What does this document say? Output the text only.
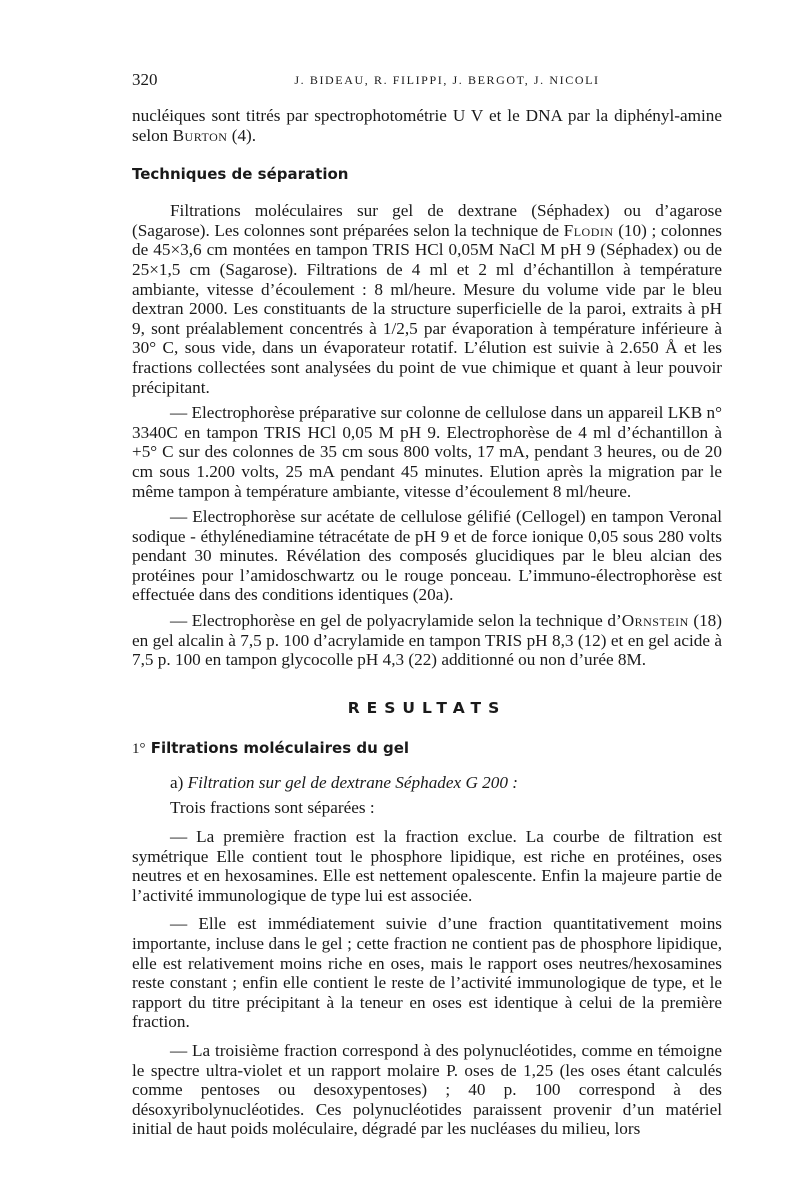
320	J. BIDEAU, R. FILIPPI, J. BERGOT, J. NICOLI

nucléiques sont titrés par spectrophotométrie U V et le DNA par la diphényl-amine selon Burton (4).

Techniques de séparation

Filtrations moléculaires sur gel de dextrane (Séphadex) ou d’agarose (Sagarose). Les colonnes sont préparées selon la technique de Flodin (10) ; colonnes de 45×3,6 cm montées en tampon TRIS HCl 0,05M NaCl M pH 9 (Séphadex) ou de 25×1,5 cm (Sagarose). Filtrations de 4 ml et 2 ml d’échantillon à température ambiante, vitesse d’écoulement : 8 ml/heure. Mesure du volume vide par le bleu dextran 2000. Les constituants de la structure superficielle de la paroi, extraits à pH 9, sont préalablement concentrés à 1/2,5 par évaporation à température inférieure à 30° C, sous vide, dans un évaporateur rotatif. L’élution est suivie à 2.650 Å et les fractions collectées sont analysées du point de vue chimique et quant à leur pouvoir précipitant.

— Electrophorèse préparative sur colonne de cellulose dans un appareil LKB n° 3340C en tampon TRIS HCl 0,05 M pH 9. Electrophorèse de 4 ml d’échantillon à +5° C sur des colonnes de 35 cm sous 800 volts, 17 mA, pendant 3 heures, ou de 20 cm sous 1.200 volts, 25 mA pendant 45 minutes. Elution après la migration par le même tampon à température ambiante, vitesse d’écoulement 8 ml/heure.

— Electrophorèse sur acétate de cellulose gélifié (Cellogel) en tampon Veronal sodique - éthylénediamine tétracétate de pH 9 et de force ionique 0,05 sous 280 volts pendant 30 minutes. Révélation des composés glucidiques par le bleu alcian des protéines pour l’amidoschwartz ou le rouge ponceau. L’immuno-électrophorèse est effectuée dans des conditions identiques (20a).

— Electrophorèse en gel de polyacrylamide selon la technique d’Ornstein (18) en gel alcalin à 7,5 p. 100 d’acrylamide en tampon TRIS pH 8,3 (12) et en gel acide à 7,5 p. 100 en tampon glycocolle pH 4,3 (22) additionné ou non d’urée 8M.

RESULTATS
1° Filtrations moléculaires du gel

a) Filtration sur gel de dextrane Séphadex G 200 :

Trois fractions sont séparées :

— La première fraction est la fraction exclue. La courbe de filtration est symétrique Elle contient tout le phosphore lipidique, est riche en protéines, oses neutres et en hexosamines. Elle est nettement opalescente. Enfin la majeure partie de l’activité immunologique de type lui est associée.

— Elle est immédiatement suivie d’une fraction quantitativement moins importante, incluse dans le gel ; cette fraction ne contient pas de phosphore lipidique, elle est relativement moins riche en oses, mais le rapport oses neutres/hexosamines reste constant ; enfin elle contient le reste de l’activité immunologique de type, et le rapport du titre précipitant à la teneur en oses est identique à celui de la première fraction.

— La troisième fraction correspond à des polynucléotides, comme en témoigne le spectre ultra-violet et un rapport molaire P. oses de 1,25 (les oses étant calculés comme pentoses ou desoxypentoses) ; 40 p. 100 correspond à des désoxyribolynucléotides. Ces polynucléotides paraissent provenir d’un matériel initial de haut poids moléculaire, dégradé par les nucléases du milieu, lors
